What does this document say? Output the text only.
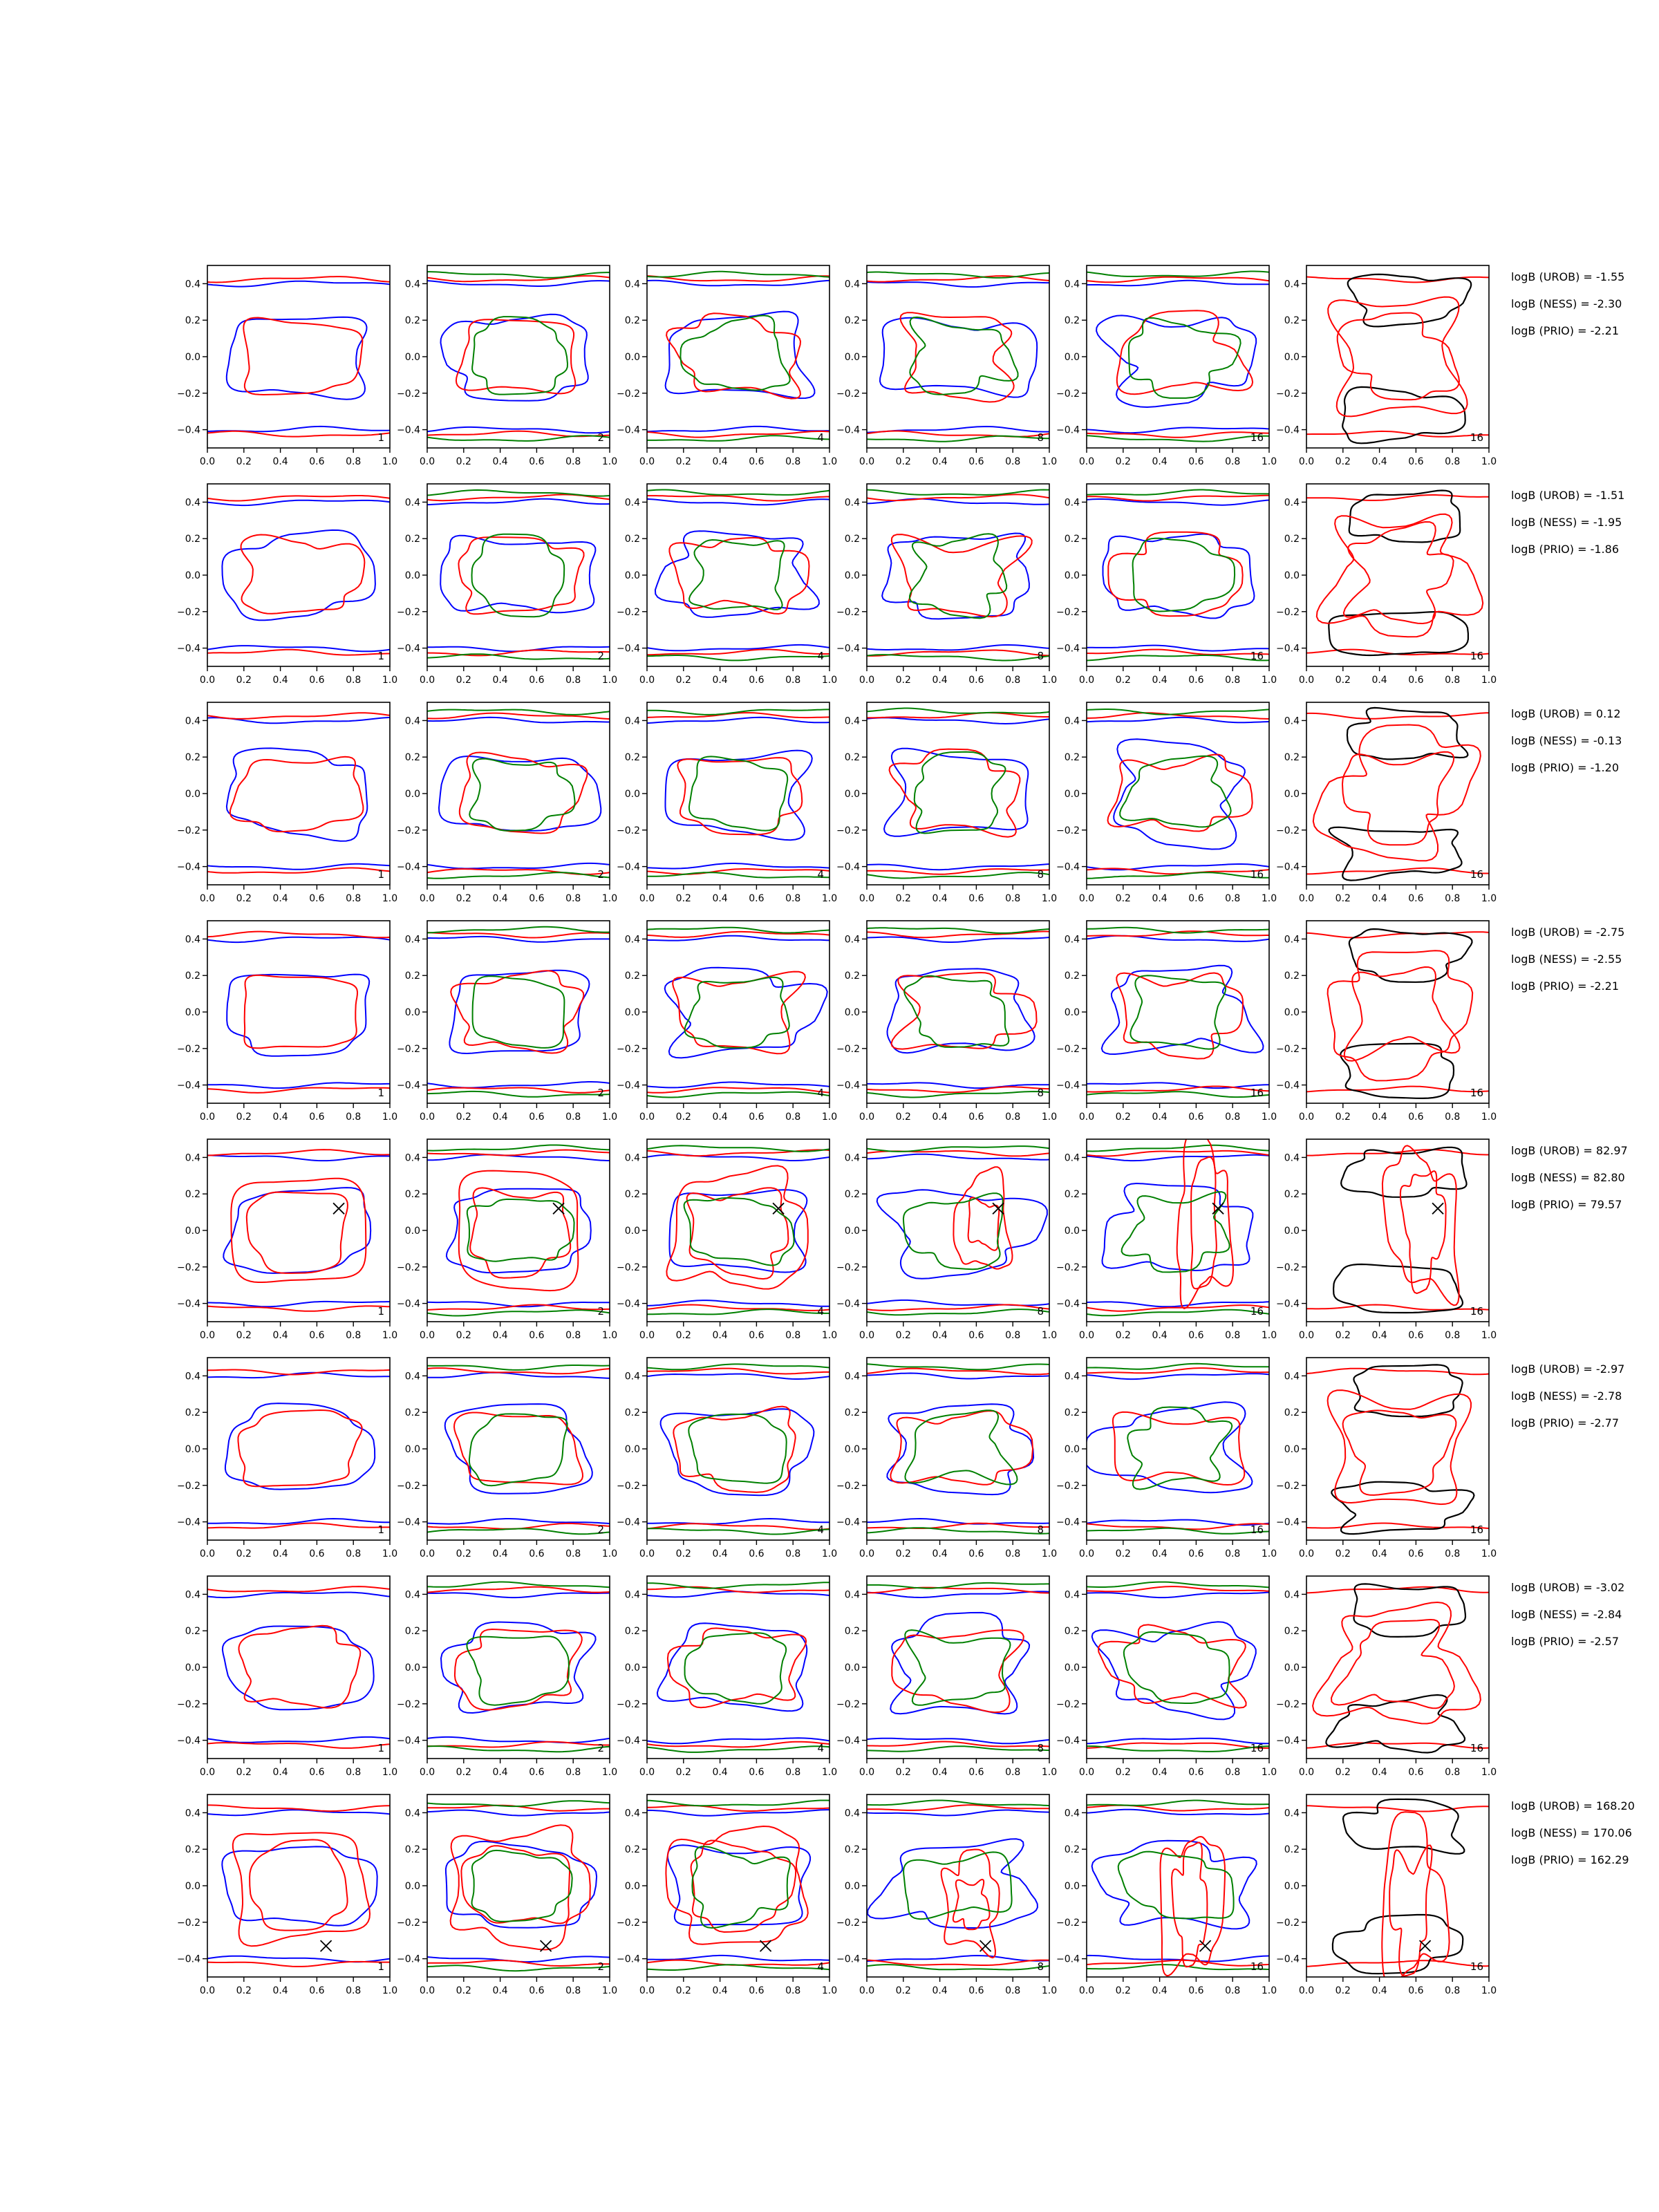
0.0 0.2 0.4 0.6 0.8 1.0
−0.4
−0.2
0.0
0.2
0.4
1
0.0 0.2 0.4 0.6 0.8 1.0
−0.4
−0.2
0.0
0.2
0.4
2
0.0 0.2 0.4 0.6 0.8 1.0
−0.4
−0.2
0.0
0.2
0.4
4
0.0 0.2 0.4 0.6 0.8 1.0
−0.4
−0.2
0.0
0.2
0.4
8
0.0 0.2 0.4 0.6 0.8 1.0
−0.4
−0.2
0.0
0.2
0.4
16
0.0 0.2 0.4 0.6 0.8 1.0
−0.4
−0.2
0.0
0.2
0.4
16
logB (UROB) = -1.55
logB (NESS) = -2.30
logB (PRIO) = -2.21
0.0 0.2 0.4 0.6 0.8 1.0
−0.4
−0.2
0.0
0.2
0.4
1
0.0 0.2 0.4 0.6 0.8 1.0
−0.4
−0.2
0.0
0.2
0.4
2
0.0 0.2 0.4 0.6 0.8 1.0
−0.4
−0.2
0.0
0.2
0.4
4
0.0 0.2 0.4 0.6 0.8 1.0
−0.4
−0.2
0.0
0.2
0.4
8
0.0 0.2 0.4 0.6 0.8 1.0
−0.4
−0.2
0.0
0.2
0.4
16
0.0 0.2 0.4 0.6 0.8 1.0
−0.4
−0.2
0.0
0.2
0.4
16
logB (UROB) = -1.51
logB (NESS) = -1.95
logB (PRIO) = -1.86
0.0 0.2 0.4 0.6 0.8 1.0
−0.4
−0.2
0.0
0.2
0.4
1
0.0 0.2 0.4 0.6 0.8 1.0
−0.4
−0.2
0.0
0.2
0.4
2
0.0 0.2 0.4 0.6 0.8 1.0
−0.4
−0.2
0.0
0.2
0.4
4
0.0 0.2 0.4 0.6 0.8 1.0
−0.4
−0.2
0.0
0.2
0.4
8
0.0 0.2 0.4 0.6 0.8 1.0
−0.4
−0.2
0.0
0.2
0.4
16
0.0 0.2 0.4 0.6 0.8 1.0
−0.4
−0.2
0.0
0.2
0.4
16
logB (UROB) = 0.12
logB (NESS) = -0.13
logB (PRIO) = -1.20
0.0 0.2 0.4 0.6 0.8 1.0
−0.4
−0.2
0.0
0.2
0.4
1
0.0 0.2 0.4 0.6 0.8 1.0
−0.4
−0.2
0.0
0.2
0.4
2
0.0 0.2 0.4 0.6 0.8 1.0
−0.4
−0.2
0.0
0.2
0.4
4
0.0 0.2 0.4 0.6 0.8 1.0
−0.4
−0.2
0.0
0.2
0.4
8
0.0 0.2 0.4 0.6 0.8 1.0
−0.4
−0.2
0.0
0.2
0.4
16
0.0 0.2 0.4 0.6 0.8 1.0
−0.4
−0.2
0.0
0.2
0.4
16
logB (UROB) = -2.75
logB (NESS) = -2.55
logB (PRIO) = -2.21
0.0 0.2 0.4 0.6 0.8 1.0
−0.4
−0.2
0.0
0.2
0.4
1
0.0 0.2 0.4 0.6 0.8 1.0
−0.4
−0.2
0.0
0.2
0.4
2
0.0 0.2 0.4 0.6 0.8 1.0
−0.4
−0.2
0.0
0.2
0.4
4
0.0 0.2 0.4 0.6 0.8 1.0
−0.4
−0.2
0.0
0.2
0.4
8
0.0 0.2 0.4 0.6 0.8 1.0
−0.4
−0.2
0.0
0.2
0.4
16
0.0 0.2 0.4 0.6 0.8 1.0
−0.4
−0.2
0.0
0.2
0.4
16
logB (UROB) = 82.97
logB (NESS) = 82.80
logB (PRIO) = 79.57
0.0 0.2 0.4 0.6 0.8 1.0
−0.4
−0.2
0.0
0.2
0.4
1
0.0 0.2 0.4 0.6 0.8 1.0
−0.4
−0.2
0.0
0.2
0.4
2
0.0 0.2 0.4 0.6 0.8 1.0
−0.4
−0.2
0.0
0.2
0.4
4
0.0 0.2 0.4 0.6 0.8 1.0
−0.4
−0.2
0.0
0.2
0.4
8
0.0 0.2 0.4 0.6 0.8 1.0
−0.4
−0.2
0.0
0.2
0.4
16
0.0 0.2 0.4 0.6 0.8 1.0
−0.4
−0.2
0.0
0.2
0.4
16
logB (UROB) = -2.97
logB (NESS) = -2.78
logB (PRIO) = -2.77
0.0 0.2 0.4 0.6 0.8 1.0
−0.4
−0.2
0.0
0.2
0.4
1
0.0 0.2 0.4 0.6 0.8 1.0
−0.4
−0.2
0.0
0.2
0.4
2
0.0 0.2 0.4 0.6 0.8 1.0
−0.4
−0.2
0.0
0.2
0.4
4
0.0 0.2 0.4 0.6 0.8 1.0
−0.4
−0.2
0.0
0.2
0.4
8
0.0 0.2 0.4 0.6 0.8 1.0
−0.4
−0.2
0.0
0.2
0.4
16
0.0 0.2 0.4 0.6 0.8 1.0
−0.4
−0.2
0.0
0.2
0.4
16
logB (UROB) = -3.02
logB (NESS) = -2.84
logB (PRIO) = -2.57
0.0 0.2 0.4 0.6 0.8 1.0
−0.4
−0.2
0.0
0.2
0.4
1
0.0 0.2 0.4 0.6 0.8 1.0
−0.4
−0.2
0.0
0.2
0.4
2
0.0 0.2 0.4 0.6 0.8 1.0
−0.4
−0.2
0.0
0.2
0.4
4
0.0 0.2 0.4 0.6 0.8 1.0
−0.4
−0.2
0.0
0.2
0.4
8
0.0 0.2 0.4 0.6 0.8 1.0
−0.4
−0.2
0.0
0.2
0.4
16
0.0 0.2 0.4 0.6 0.8 1.0
−0.4
−0.2
0.0
0.2
0.4
16
logB (UROB) = 168.20
logB (NESS) = 170.06
logB (PRIO) = 162.29
